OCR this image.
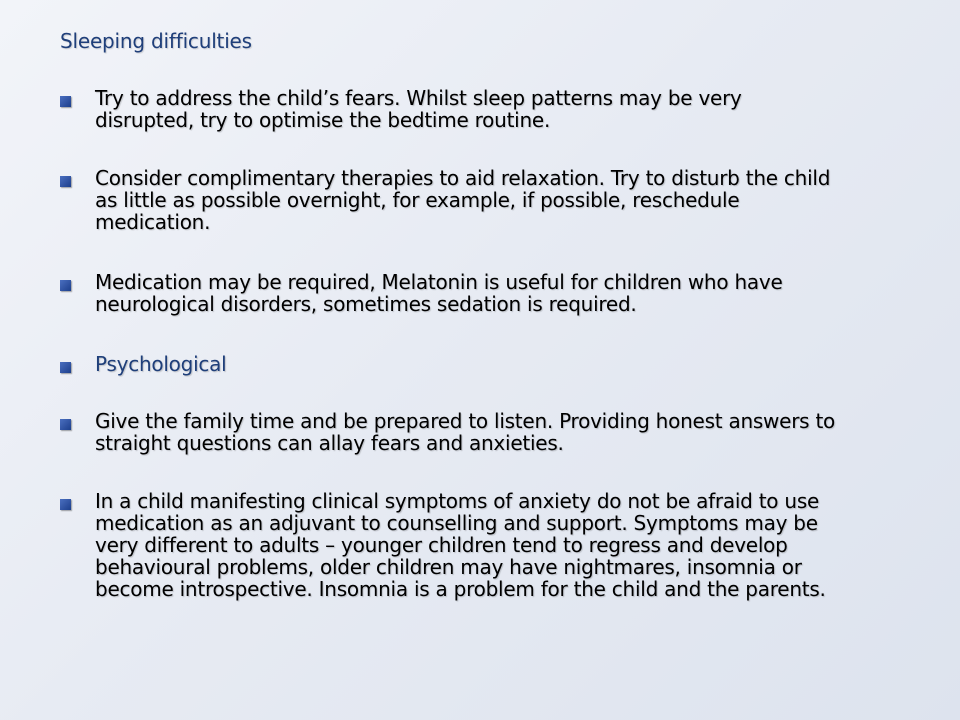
Sleeping difficulties
Try to address the child’s fears. Whilst sleep patterns may be very
disrupted, try to optimise the bedtime routine.
Consider complimentary therapies to aid relaxation. Try to disturb the child
as little as possible overnight, for example, if possible, reschedule
medication.
Medication may be required, Melatonin is useful for children who have
neurological disorders, sometimes sedation is required.
Psychological
Give the family time and be prepared to listen. Providing honest answers to
straight questions can allay fears and anxieties.
In a child manifesting clinical symptoms of anxiety do not be afraid to use
medication as an adjuvant to counselling and support. Symptoms may be
very different to adults – younger children tend to regress and develop
behavioural problems, older children may have nightmares, insomnia or
become introspective. Insomnia is a problem for the child and the parents.
